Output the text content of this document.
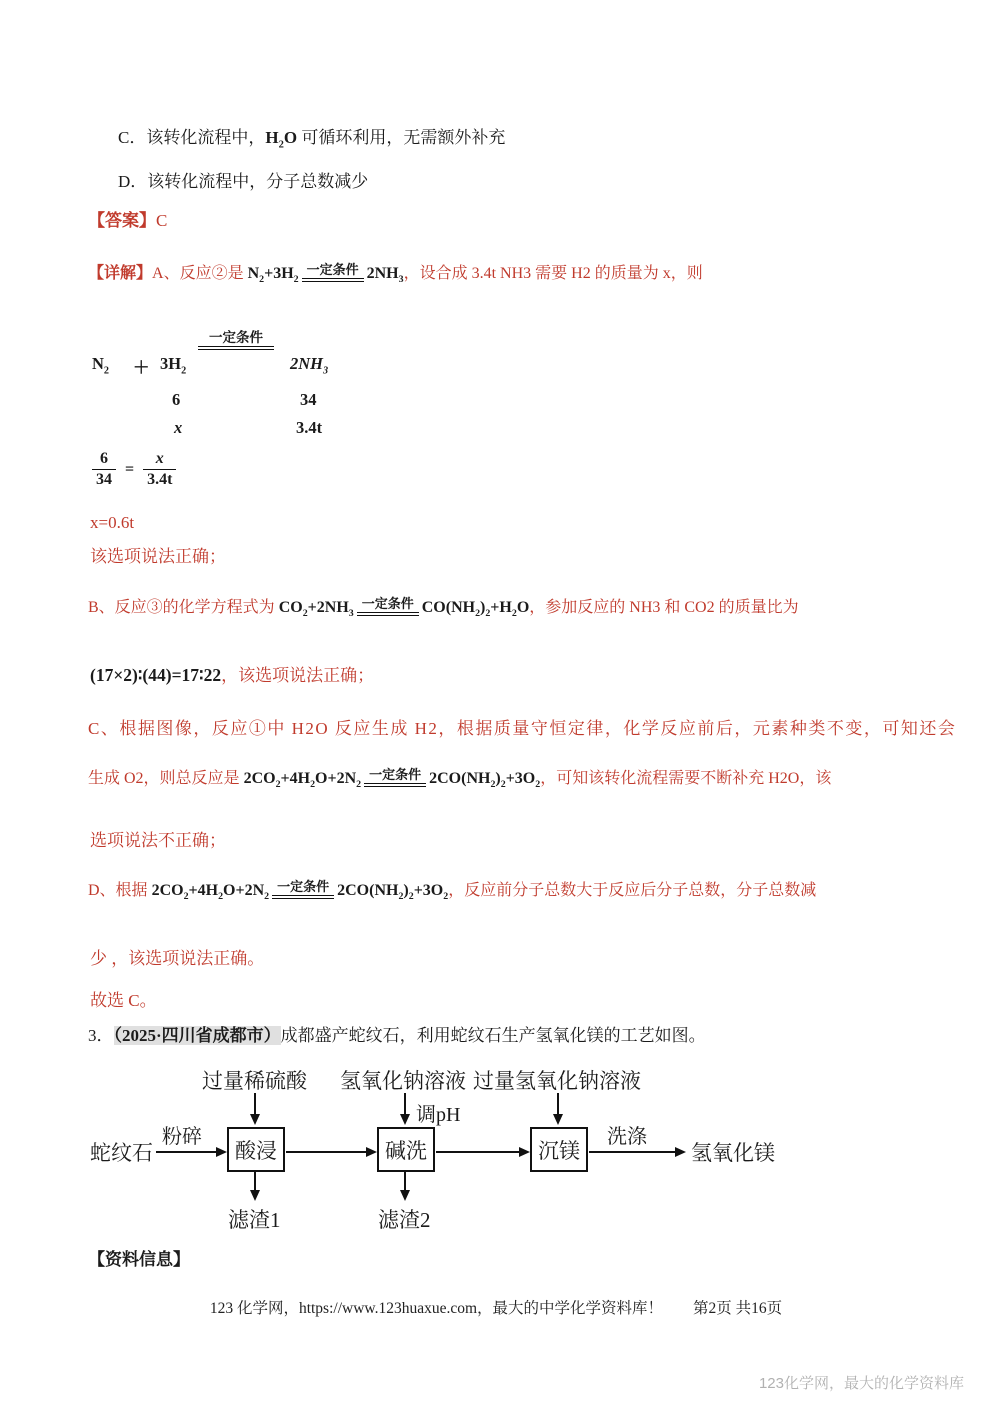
C．该转化流程中，$H_2O$ 可循环利用，无需额外补充
D．该转化流程中，分子总数减少
【答案】C
【详解】A、反应②是 $N_2+3H_2$
一定条件 $2NH_3$，设合成 3.4t NH3 需要 H2 的质量为 x，则
$N_2 + 3H_2$
一定条件
$2NH_3$
6	34
x	3.4t
$\frac{6}{34} = \frac{x}{3.4t}$
x=0.6t
该选项说法正确；
B、反应③的化学方程式为 $CO_2+2NH_3$
一定条件 $CO(NH_2)_2+H_2O$，参加反应的 NH3 和 CO2 的质量比为
(17×2)∶(44)=17∶22，该选项说法正确；
C、根据图像，反应①中 H2O 反应生成 H2，根据质量守恒定律，化学反应前后，元素种类不变，可知还会
生成 O2，则总反应是 $2CO_2+4H_2O+2N_2$
一定条件 $2CO(NH_2)_2+3O_2$，可知该转化流程需要不断补充 H2O，该
选项说法不正确；
D、根据 $2CO_2+4H_2O+2N_2$
一定条件 $2CO(NH_2)_2+3O_2$，反应前分子总数大于反应后分子总数，分子总数减
少 ，该选项说法正确。
故选 C。
3．（2025·四川省成都市）成都盛产蛇纹石，利用蛇纹石生产氢氧化镁的工艺如图。
过量稀硫酸 氢氧化钠溶液 过量氢氧化钠溶液
调pH
蛇纹石
粉碎
酸浸	碱洗	沉镁
洗涤
氢氧化镁
滤渣1	滤渣2
【资料信息】
123 化学网，https://www.123huaxue.com，最大的中学化学资料库！ 第2页 共16页
123化学网，最大的化学资料库
